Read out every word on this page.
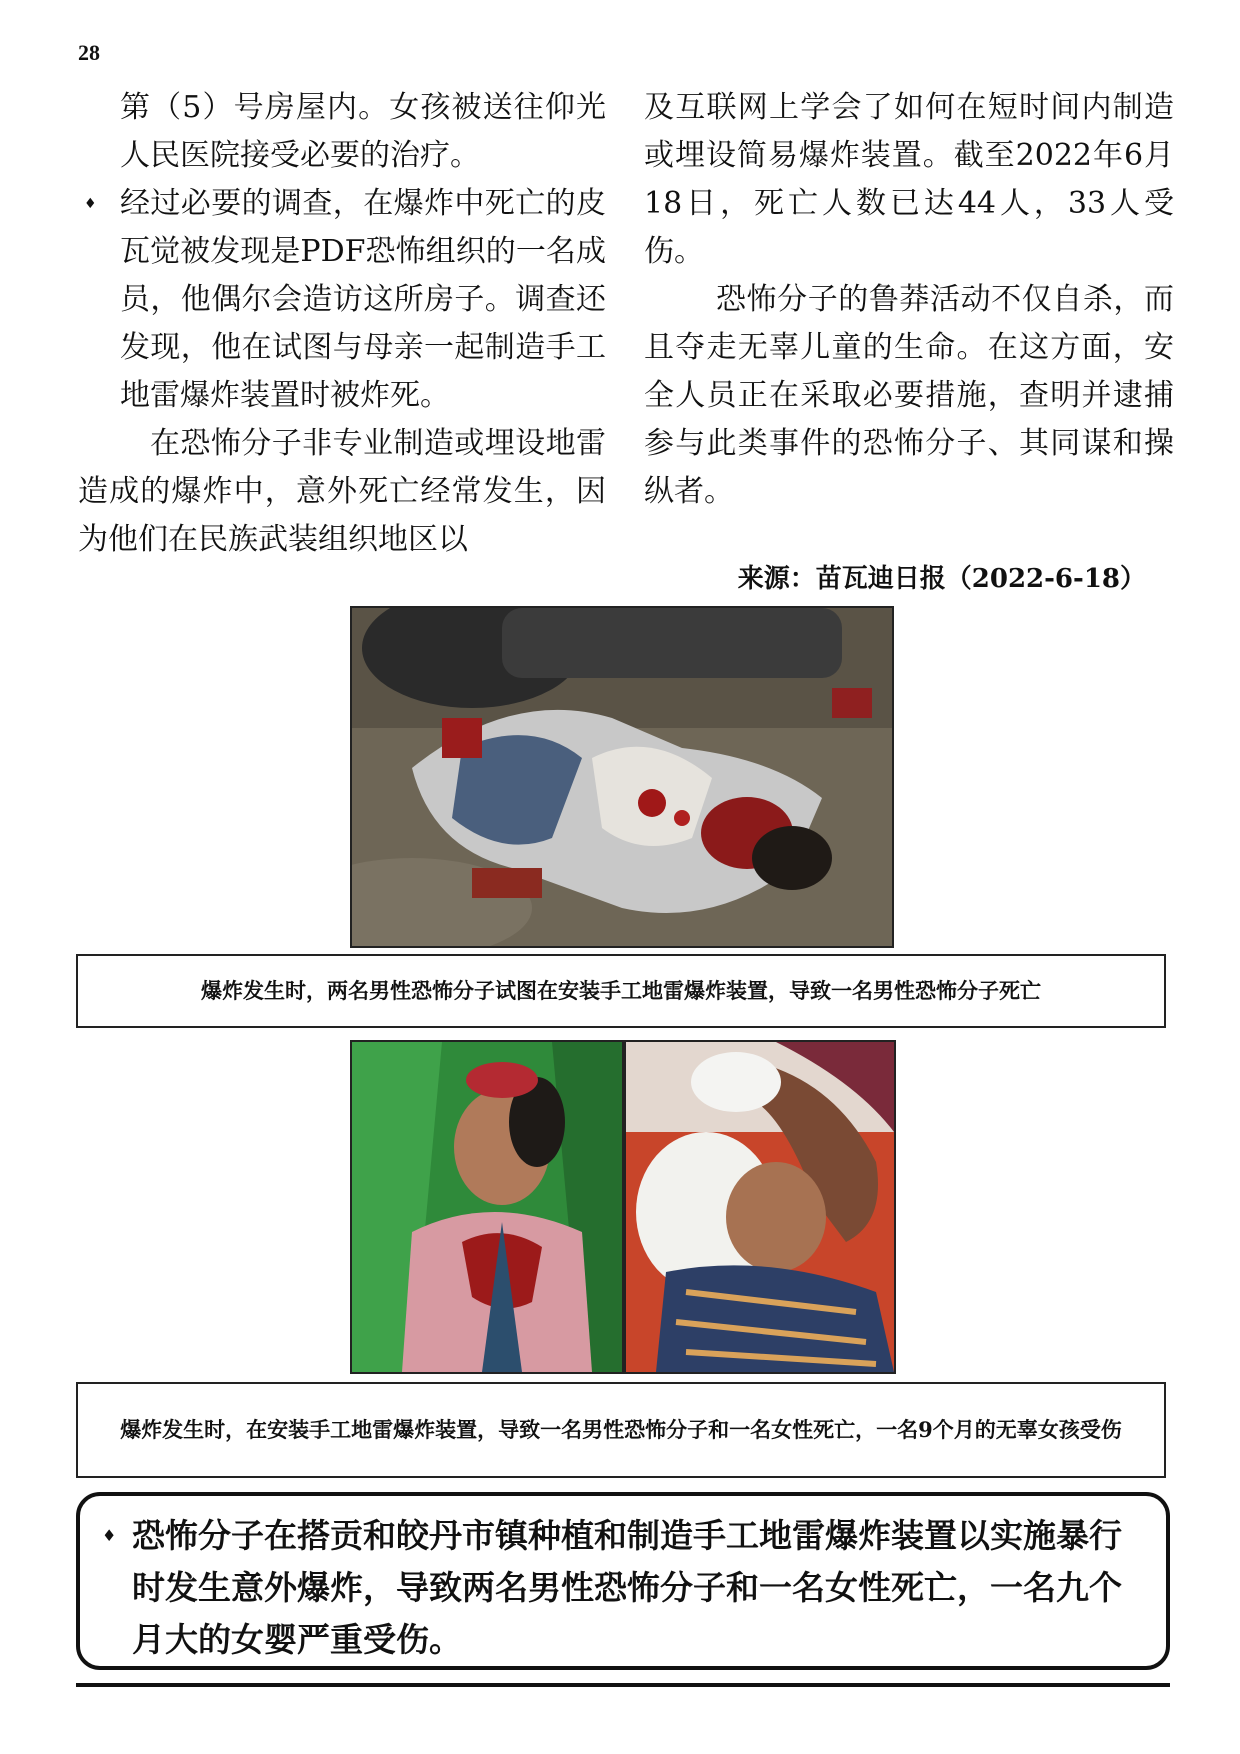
28

第（5）号房屋内。女孩被送往仰光人民医院接受必要的治疗。

♦ 经过必要的调查，在爆炸中死亡的皮瓦觉被发现是PDF恐怖组织的一名成员，他偶尔会造访这所房子。调查还发现，他在试图与母亲一起制造手工地雷爆炸装置时被炸死。

在恐怖分子非专业制造或埋设地雷造成的爆炸中，意外死亡经常发生，因为他们在民族武装组织地区以

及互联网上学会了如何在短时间内制造或埋设简易爆炸装置。截至2022年6月18日，死亡人数已达44人，33人受伤。

恐怖分子的鲁莽活动不仅自杀，而且夺走无辜儿童的生命。在这方面，安全人员正在采取必要措施，查明并逮捕参与此类事件的恐怖分子、其同谋和操纵者。

来源：苗瓦迪日报（2022-6-18）
爆炸发生时，两名男性恐怖分子试图在安装手工地雷爆炸装置，导致一名男性恐怖分子死亡
爆炸发生时，在安装手工地雷爆炸装置，导致一名男性恐怖分子和一名女性死亡，一名9个月的无辜女孩受伤
♦ 恐怖分子在搭贡和皎丹市镇种植和制造手工地雷爆炸装置以实施暴行时发生意外爆炸，导致两名男性恐怖分子和一名女性死亡，一名九个月大的女婴严重受伤。
